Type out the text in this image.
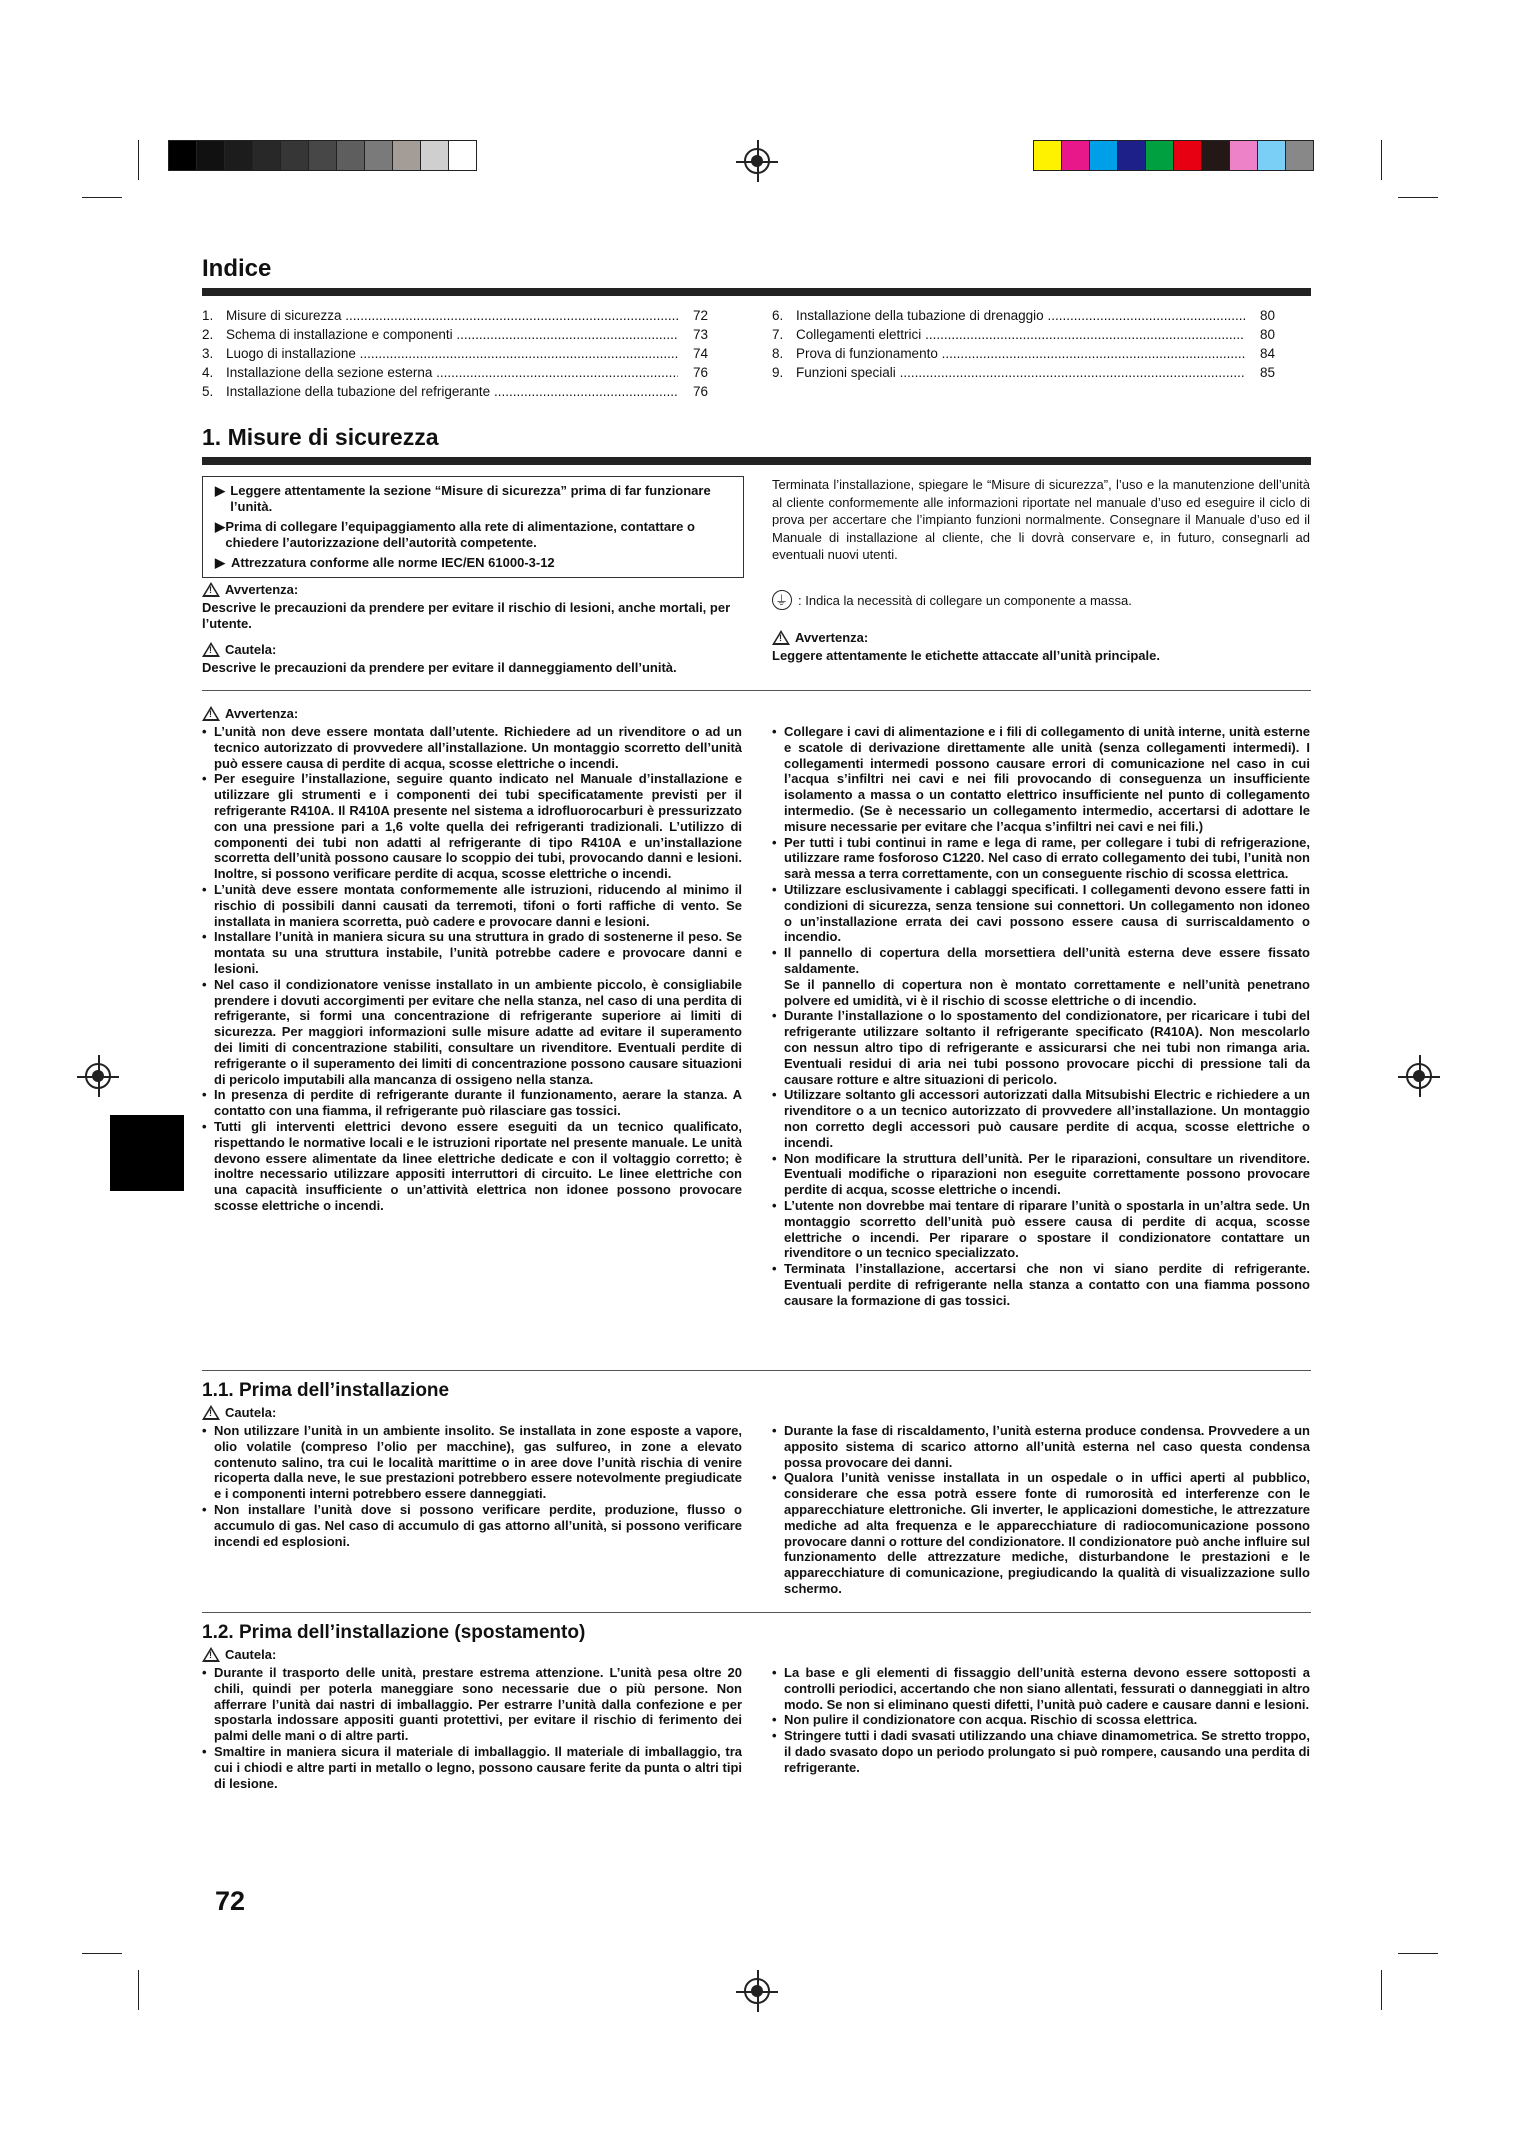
Indice
1. Misure di sicurezza .....	72
2. Schema di installazione e componenti .....	73
3. Luogo di installazione .....	74
4. Installazione della sezione esterna .....	76
5. Installazione della tubazione del refrigerante .....	76
6. Installazione della tubazione di drenaggio .....	80
7. Collegamenti elettrici .....	80
8. Prova di funzionamento .....	84
9. Funzioni speciali .....	85
1. Misure di sicurezza
▶ Leggere attentamente la sezione “Misure di sicurezza” prima di far funzionare l’unità.
▶ Prima di collegare l’equipaggiamento alla rete di alimentazione, contattare o chiedere l’autorizzazione dell’autorità competente.
▶ Attrezzatura conforme alle norme IEC/EN 61000-3-12
!
Avvertenza:
Descrive le precauzioni da prendere per evitare il rischio di lesioni, anche mortali, per l’utente.
!
Cautela:
Descrive le precauzioni da prendere per evitare il danneggiamento dell’unità.
Terminata l’installazione, spiegare le “Misure di sicurezza”, l’uso e la manutenzione dell’unità al cliente conformemente alle informazioni riportate nel manuale d’uso ed eseguire il ciclo di prova per accertare che l’impianto funzioni normalmente. Consegnare il Manuale d’uso ed il Manuale di installazione al cliente, che li dovrà conservare e, in futuro, consegnarli ad eventuali nuovi utenti.
⏚
: Indica la necessità di collegare un componente a massa.
!
Avvertenza:
Leggere attentamente le etichette attaccate all’unità principale.
!
Avvertenza:
• L’unità non deve essere montata dall’utente. Richiedere ad un rivenditore o ad un tecnico autorizzato di provvedere all’installazione. Un montaggio scorretto dell’unità può essere causa di perdite di acqua, scosse elettriche o incendi.
• Per eseguire l’installazione, seguire quanto indicato nel Manuale d’installazione e utilizzare gli strumenti e i componenti dei tubi specificatamente previsti per il refrigerante R410A. Il R410A presente nel sistema a idrofluorocarburi è pressurizzato con una pressione pari a 1,6 volte quella dei refrigeranti tradizionali. L’utilizzo di componenti dei tubi non adatti al refrigerante di tipo R410A e un’installazione scorretta dell’unità possono causare lo scoppio dei tubi, provocando danni e lesioni. Inoltre, si possono verificare perdite di acqua, scosse elettriche o incendi.
• L’unità deve essere montata conformemente alle istruzioni, riducendo al minimo il rischio di possibili danni causati da terremoti, tifoni o forti raffiche di vento. Se installata in maniera scorretta, può cadere e provocare danni e lesioni.
• Installare l’unità in maniera sicura su una struttura in grado di sostenerne il peso. Se montata su una struttura instabile, l’unità potrebbe cadere e provocare danni e lesioni.
• Nel caso il condizionatore venisse installato in un ambiente piccolo, è consigliabile prendere i dovuti accorgimenti per evitare che nella stanza, nel caso di una perdita di refrigerante, si formi una concentrazione di refrigerante superiore ai limiti di sicurezza. Per maggiori informazioni sulle misure adatte ad evitare il superamento dei limiti di concentrazione stabiliti, consultare un rivenditore. Eventuali perdite di refrigerante o il superamento dei limiti di concentrazione possono causare situazioni di pericolo imputabili alla mancanza di ossigeno nella stanza.
• In presenza di perdite di refrigerante durante il funzionamento, aerare la stanza. A contatto con una fiamma, il refrigerante può rilasciare gas tossici.
• Tutti gli interventi elettrici devono essere eseguiti da un tecnico qualificato, rispettando le normative locali e le istruzioni riportate nel presente manuale. Le unità devono essere alimentate da linee elettriche dedicate e con il voltaggio corretto; è inoltre necessario utilizzare appositi interruttori di circuito. Le linee elettriche con una capacità insufficiente o un’attività elettrica non idonee possono provocare scosse elettriche o incendi.
• Collegare i cavi di alimentazione e i fili di collegamento di unità interne, unità esterne e scatole di derivazione direttamente alle unità (senza collegamenti intermedi). I collegamenti intermedi possono causare errori di comunicazione nel caso in cui l’acqua s’infiltri nei cavi e nei fili provocando di conseguenza un insufficiente isolamento a massa o un contatto elettrico insufficiente nel punto di collegamento intermedio. (Se è necessario un collegamento intermedio, accertarsi di adottare le misure necessarie per evitare che l’acqua s’infiltri nei cavi e nei fili.)
• Per tutti i tubi continui in rame e lega di rame, per collegare i tubi di refrigerazione, utilizzare rame fosforoso C1220. Nel caso di errato collegamento dei tubi, l’unità non sarà messa a terra correttamente, con un conseguente rischio di scossa elettrica.
• Utilizzare esclusivamente i cablaggi specificati. I collegamenti devono essere fatti in condizioni di sicurezza, senza tensione sui connettori. Un collegamento non idoneo o un’installazione errata dei cavi possono essere causa di surriscaldamento o incendio.
• Il pannello di copertura della morsettiera dell’unità esterna deve essere fissato saldamente.
Se il pannello di copertura non è montato correttamente e nell’unità penetrano polvere ed umidità, vi è il rischio di scosse elettriche o di incendio.
• Durante l’installazione o lo spostamento del condizionatore, per ricaricare i tubi del refrigerante utilizzare soltanto il refrigerante specificato (R410A). Non mescolarlo con nessun altro tipo di refrigerante e assicurarsi che nei tubi non rimanga aria. Eventuali residui di aria nei tubi possono provocare picchi di pressione tali da causare rotture e altre situazioni di pericolo.
• Utilizzare soltanto gli accessori autorizzati dalla Mitsubishi Electric e richiedere a un rivenditore o a un tecnico autorizzato di provvedere all’installazione. Un montaggio non corretto degli accessori può causare perdite di acqua, scosse elettriche o incendi.
• Non modificare la struttura dell’unità. Per le riparazioni, consultare un rivenditore. Eventuali modifiche o riparazioni non eseguite correttamente possono provocare perdite di acqua, scosse elettriche o incendi.
• L’utente non dovrebbe mai tentare di riparare l’unità o spostarla in un’altra sede. Un montaggio scorretto dell’unità può essere causa di perdite di acqua, scosse elettriche o incendi. Per riparare o spostare il condizionatore contattare un rivenditore o un tecnico specializzato.
• Terminata l’installazione, accertarsi che non vi siano perdite di refrigerante. Eventuali perdite di refrigerante nella stanza a contatto con una fiamma possono causare la formazione di gas tossici.
1.1. Prima dell’installazione
!
Cautela:
• Non utilizzare l’unità in un ambiente insolito. Se installata in zone esposte a vapore, olio volatile (compreso l’olio per macchine), gas sulfureo, in zone a elevato contenuto salino, tra cui le località marittime o in aree dove l’unità rischia di venire ricoperta dalla neve, le sue prestazioni potrebbero essere notevolmente pregiudicate e i componenti interni potrebbero essere danneggiati.
• Non installare l’unità dove si possono verificare perdite, produzione, flusso o accumulo di gas. Nel caso di accumulo di gas attorno all’unità, si possono verificare incendi ed esplosioni.
• Durante la fase di riscaldamento, l’unità esterna produce condensa. Provvedere a un apposito sistema di scarico attorno all’unità esterna nel caso questa condensa possa provocare dei danni.
• Qualora l’unità venisse installata in un ospedale o in uffici aperti al pubblico, considerare che essa potrà essere fonte di rumorosità ed interferenze con le apparecchiature elettroniche. Gli inverter, le applicazioni domestiche, le attrezzature mediche ad alta frequenza e le apparecchiature di radiocomunicazione possono provocare danni o rotture del condizionatore. Il condizionatore può anche influire sul funzionamento delle attrezzature mediche, disturbandone le prestazioni e le apparecchiature di comunicazione, pregiudicando la qualità di visualizzazione sullo schermo.
1.2. Prima dell’installazione (spostamento)
!
Cautela:
• Durante il trasporto delle unità, prestare estrema attenzione. L’unità pesa oltre 20 chili, quindi per poterla maneggiare sono necessarie due o più persone. Non afferrare l’unità dai nastri di imballaggio. Per estrarre l’unità dalla confezione e per spostarla indossare appositi guanti protettivi, per evitare il rischio di ferimento dei palmi delle mani o di altre parti.
• Smaltire in maniera sicura il materiale di imballaggio. Il materiale di imballaggio, tra cui i chiodi e altre parti in metallo o legno, possono causare ferite da punta o altri tipi di lesione.
• La base e gli elementi di fissaggio dell’unità esterna devono essere sottoposti a controlli periodici, accertando che non siano allentati, fessurati o danneggiati in altro modo. Se non si eliminano questi difetti, l’unità può cadere e causare danni e lesioni.
• Non pulire il condizionatore con acqua. Rischio di scossa elettrica.
• Stringere tutti i dadi svasati utilizzando una chiave dinamometrica. Se stretto troppo, il dado svasato dopo un periodo prolungato si può rompere, causando una perdita di refrigerante.
72
